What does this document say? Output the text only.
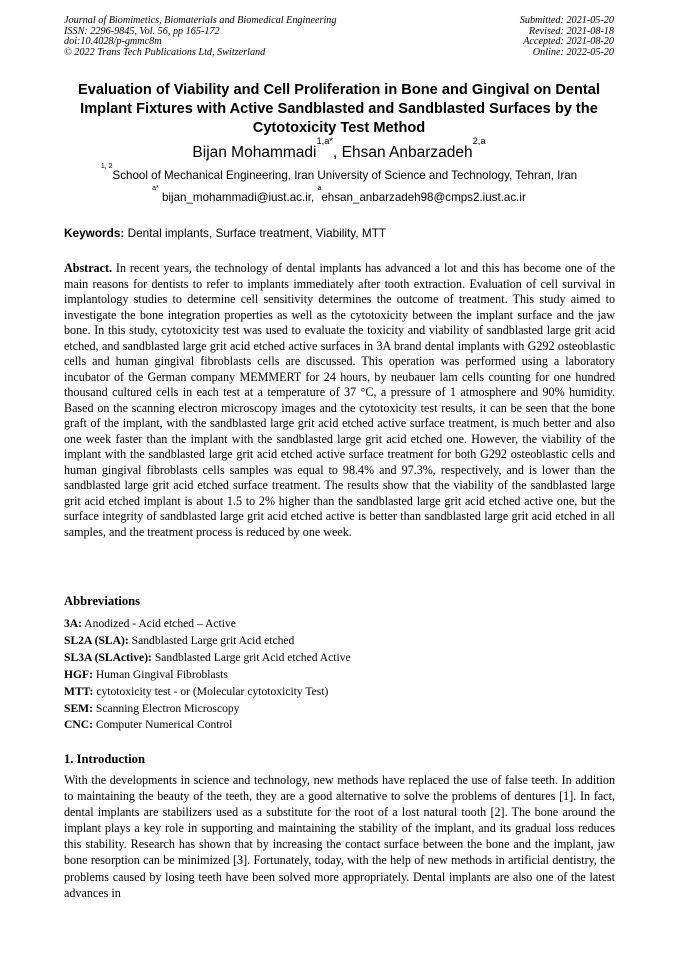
Journal of Biomimetics, Biomaterials and Biomedical Engineering
ISSN: 2296-9845, Vol. 56, pp 165-172
doi:10.4028/p-gmmc8m
© 2022 Trans Tech Publications Ltd, Switzerland
Submitted: 2021-05-20
Revised: 2021-08-18
Accepted: 2021-08-20
Online: 2022-05-20
Evaluation of Viability and Cell Proliferation in Bone and Gingival on Dental Implant Fixtures with Active Sandblasted and Sandblasted Surfaces by the Cytotoxicity Test Method
Bijan Mohammadi$^{1,a*}$, Ehsan Anbarzadeh$^{2,a}$
$^{1, 2}$School of Mechanical Engineering, Iran University of Science and Technology, Tehran, Iran
$^{a*}$ bijan_mohammadi@iust.ac.ir, $^a$ehsan_anbarzadeh98@cmps2.iust.ac.ir
Keywords: Dental implants, Surface treatment, Viability, MTT
Abstract. In recent years, the technology of dental implants has advanced a lot and this has become one of the main reasons for dentists to refer to implants immediately after tooth extraction. Evaluation of cell survival in implantology studies to determine cell sensitivity determines the outcome of treatment. This study aimed to investigate the bone integration properties as well as the cytotoxicity between the implant surface and the jaw bone. In this study, cytotoxicity test was used to evaluate the toxicity and viability of sandblasted large grit acid etched, and sandblasted large grit acid etched active surfaces in 3A brand dental implants with G292 osteoblastic cells and human gingival fibroblasts cells are discussed. This operation was performed using a laboratory incubator of the German company MEMMERT for 24 hours, by neubauer lam cells counting for one hundred thousand cultured cells in each test at a temperature of 37 °C, a pressure of 1 atmosphere and 90% humidity. Based on the scanning electron microscopy images and the cytotoxicity test results, it can be seen that the bone graft of the implant, with the sandblasted large grit acid etched active surface treatment, is much better and also one week faster than the implant with the sandblasted large grit acid etched one. However, the viability of the implant with the sandblasted large grit acid etched active surface treatment for both G292 osteoblastic cells and human gingival fibroblasts cells samples was equal to 98.4% and 97.3%, respectively, and is lower than the sandblasted large grit acid etched surface treatment. The results show that the viability of the sandblasted large grit acid etched implant is about 1.5 to 2% higher than the sandblasted large grit acid etched active one, but the surface integrity of sandblasted large grit acid etched active is better than sandblasted large grit acid etched in all samples, and the treatment process is reduced by one week.
Abbreviations
3A: Anodized - Acid etched – Active
SL2A (SLA): Sandblasted Large grit Acid etched
SL3A (SLActive): Sandblasted Large grit Acid etched Active
HGF: Human Gingival Fibroblasts
MTT: cytotoxicity test - or (Molecular cytotoxicity Test)
SEM: Scanning Electron Microscopy
CNC: Computer Numerical Control
1. Introduction
With the developments in science and technology, new methods have replaced the use of false teeth. In addition to maintaining the beauty of the teeth, they are a good alternative to solve the problems of dentures [1]. In fact, dental implants are stabilizers used as a substitute for the root of a lost natural tooth [2]. The bone around the implant plays a key role in supporting and maintaining the stability of the implant, and its gradual loss reduces this stability. Research has shown that by increasing the contact surface between the bone and the implant, jaw bone resorption can be minimized [3]. Fortunately, today, with the help of new methods in artificial dentistry, the problems caused by losing teeth have been solved more appropriately. Dental implants are also one of the latest advances in
